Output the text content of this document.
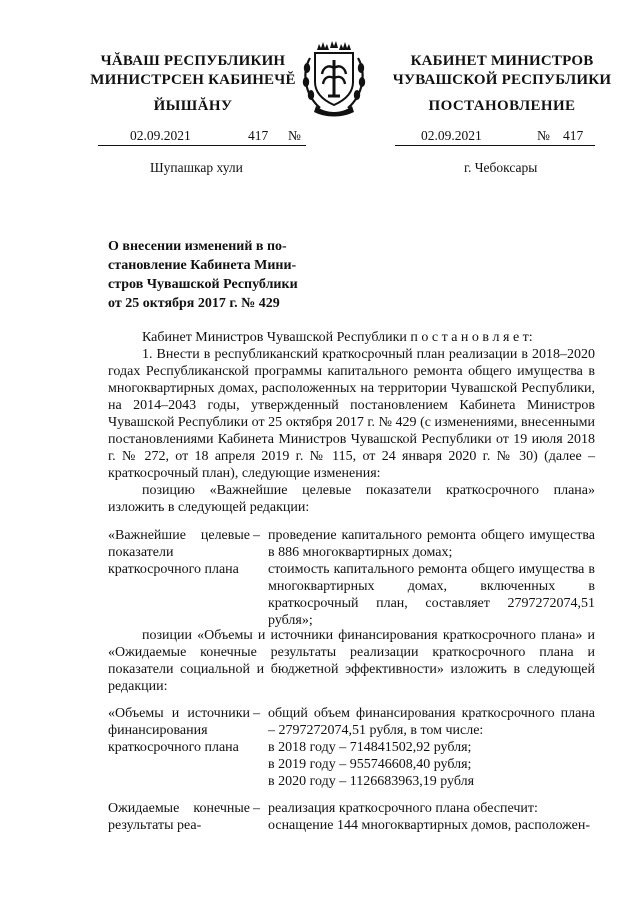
ЧĂВАШ РЕСПУБЛИКИН
МИНИСТРСЕН КАБИНЕЧĔ
ЙЫШĂНУ
КАБИНЕТ МИНИСТРОВ
ЧУВАШСКОЙ РЕСПУБЛИКИ
ПОСТАНОВЛЕНИЕ
02.09.2021	417 №
Шупашкар хули
02.09.2021	№ 417
г. Чебоксары
О внесении изменений в по-
становление Кабинета Мини-
стров Чувашской Республики
от 25 октября 2017 г. № 429

Кабинет Министров Чувашской Республики п о с т а н о в л я е т:

1. Внести в республиканский краткосрочный план реализации в 2018–2020 годах Республиканской программы капитального ремонта общего имущества в многоквартирных домах, расположенных на территории Чувашской Республики, на 2014–2043 годы, утвержденный постановлением Кабинета Министров Чувашской Республики от 25 октября 2017 г. № 429 (с изменениями, внесенными постановлениями Кабинета Министров Чувашской Республики от 19 июля 2018 г. № 272, от 18 апреля 2019 г. № 115, от 24 января 2020 г. № 30) (далее – краткосрочный план), следующие изменения:

позицию «Важнейшие целевые показатели краткосрочного плана» изложить в следующей редакции:

«Важнейшие целевые показатели краткосрочного плана
– проведение капитального ремонта общего имущества в 886 многоквартирных домах;

стоимость капитального ремонта общего имущества в многоквартирных домах, включенных в краткосрочный план, составляет 2797272074,51 рубля»;

позиции «Объемы и источники финансирования краткосрочного плана» и «Ожидаемые конечные результаты реализации краткосрочного плана и показатели социальной и бюджетной эффективности» изложить в следующей редакции:

«Объемы и источники финансирования краткосрочного плана
– общий объем финансирования краткосрочного плана – 2797272074,51 рубля, в том числе:

в 2018 году – 714841502,92 рубля;

в 2019 году – 955746608,40 рубля;

в 2020 году – 1126683963,19 рубля

Ожидаемые конечные результаты реа-
– реализация краткосрочного плана обеспечит:

оснащение 144 многоквартирных домов, расположен-
